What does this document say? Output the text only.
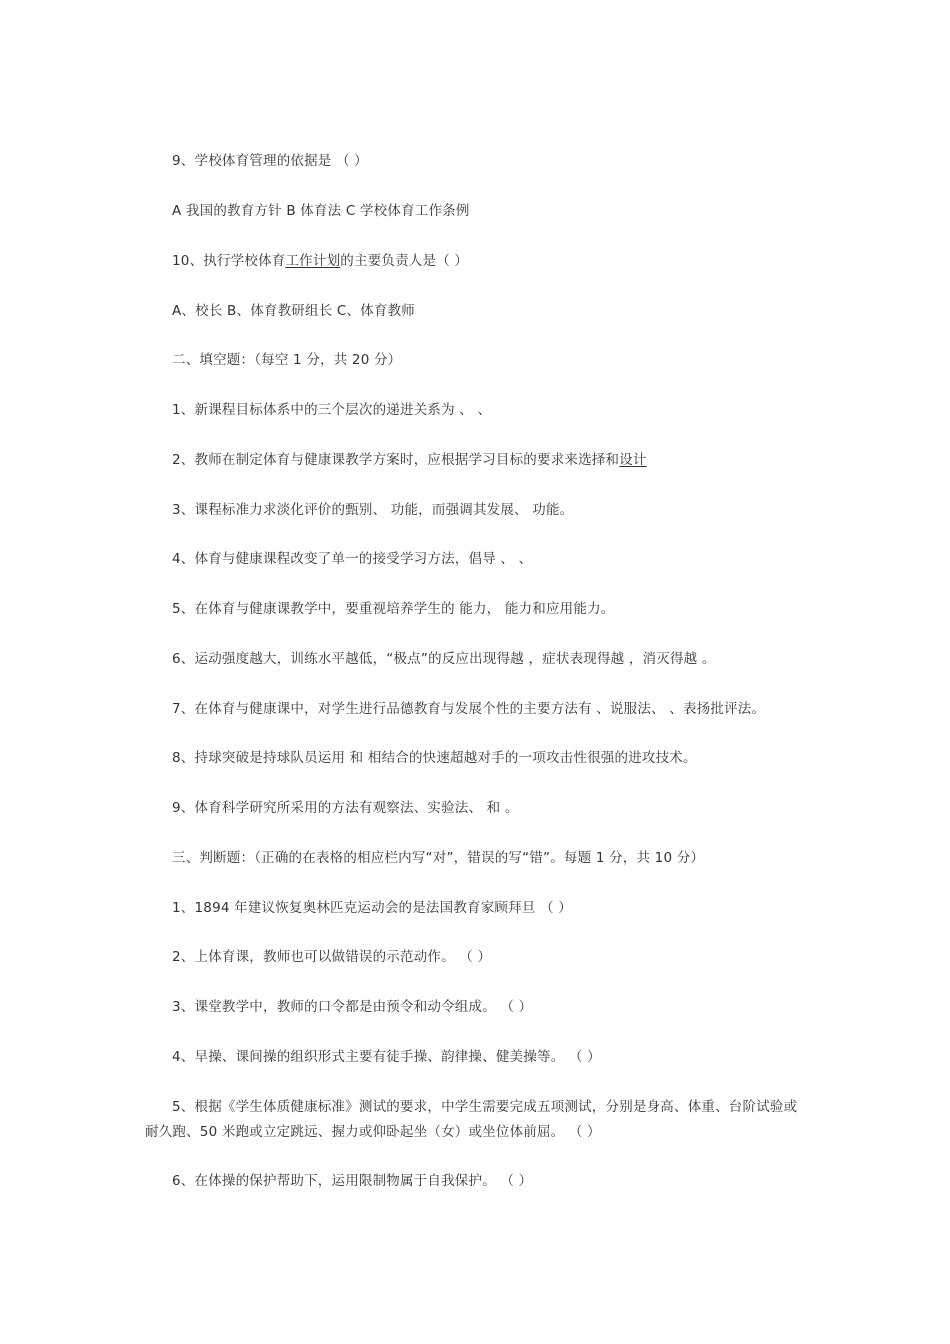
9、学校体育管理的依据是 （ ）
A 我国的教育方针 B 体育法 C 学校体育工作条例
10、执行学校体育工作计划的主要负责人是（ ）
A、校长 B、体育教研组长 C、体育教师
二、填空题：（每空 1 分，共 20 分）
1、新课程目标体系中的三个层次的递进关系为 、 、
2、教师在制定体育与健康课教学方案时，应根据学习目标的要求来选择和设计
3、课程标准力求淡化评价的甄别、 功能，而强调其发展、 功能。
4、体育与健康课程改变了单一的接受学习方法，倡导 、 、
5、在体育与健康课教学中，要重视培养学生的 能力， 能力和应用能力。
6、运动强度越大，训练水平越低，“极点”的反应出现得越 ，症状表现得越 ，消灭得越 。
7、在体育与健康课中，对学生进行品德教育与发展个性的主要方法有 、说服法、 、表扬批评法。
8、持球突破是持球队员运用 和 相结合的快速超越对手的一项攻击性很强的进攻技术。
9、体育科学研究所采用的方法有观察法、实验法、 和 。
三、判断题：（正确的在表格的相应栏内写“对”，错误的写“错”。每题 1 分，共 10 分）
1、1894 年建议恢复奥林匹克运动会的是法国教育家顾拜旦 （ ）
2、上体育课，教师也可以做错误的示范动作。 （ ）
3、课堂教学中，教师的口令都是由预令和动令组成。 （ ）
4、早操、课间操的组织形式主要有徒手操、韵律操、健美操等。 （ ）
5、根据《学生体质健康标准》测试的要求，中学生需要完成五项测试，分别是身高、体重、台阶试验或耐久跑、50 米跑或立定跳远、握力或仰卧起坐（女）或坐位体前屈。 （ ）
6、在体操的保护帮助下，运用限制物属于自我保护。 （ ）
